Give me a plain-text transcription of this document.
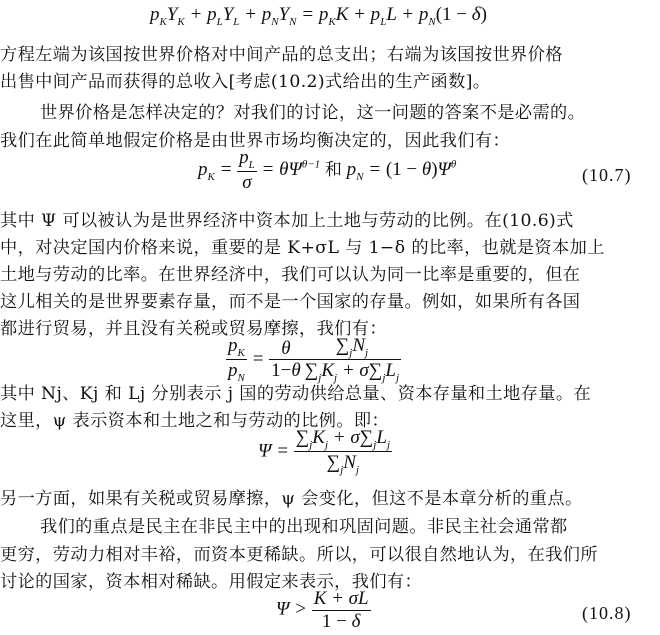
$p_KY_K + p_LY_L + p_NY_N = p_KK + p_LL + p_N(1 - \delta)$
方程左端为该国按世界价格对中间产品的总支出；右端为该国按世界价格
出售中间产品而获得的总收入[考虑(10.2)式给出的生产函数]。
世界价格是怎样决定的？对我们的讨论，这一问题的答案不是必需的。
我们在此简单地假定价格是由世界市场均衡决定的，因此我们有：
$p_K = \frac{p_L}{\sigma} = \theta\Psi^{\theta-1}$ 和 $p_N = (1 - \theta)\Psi^\theta$
(10.7)
其中 Ψ 可以被认为是世界经济中资本加上土地与劳动的比例。在(10.6)式
中，对决定国内价格来说，重要的是 K+σL 与 1−δ 的比率，也就是资本加上
土地与劳动的比率。在世界经济中，我们可以认为同一比率是重要的，但在
这儿相关的是世界要素存量，而不是一个国家的存量。例如，如果所有各国
都进行贸易，并且没有关税或贸易摩擦，我们有：
$\frac{p_K}{p_N} = \frac{\theta}{1-\theta} \frac{\sum_jN_j}{\sum_jK_j + \sigma\sum_jL_j}$
其中 Nj、Kj 和 Lj 分别表示 j 国的劳动供给总量、资本存量和土地存量。在
这里，ψ 表示资本和土地之和与劳动的比例。即：
$\Psi = \frac{\sum_jK_j + \sigma\sum_jL_j}{\sum_jN_j}$
另一方面，如果有关税或贸易摩擦，ψ 会变化，但这不是本章分析的重点。
我们的重点是民主在非民主中的出现和巩固问题。非民主社会通常都
更穷，劳动力相对丰裕，而资本更稀缺。所以，可以很自然地认为，在我们所
讨论的国家，资本相对稀缺。用假定来表示，我们有：
$\Psi > \frac{K + \sigma L}{1 - \delta}$	(10.8)
